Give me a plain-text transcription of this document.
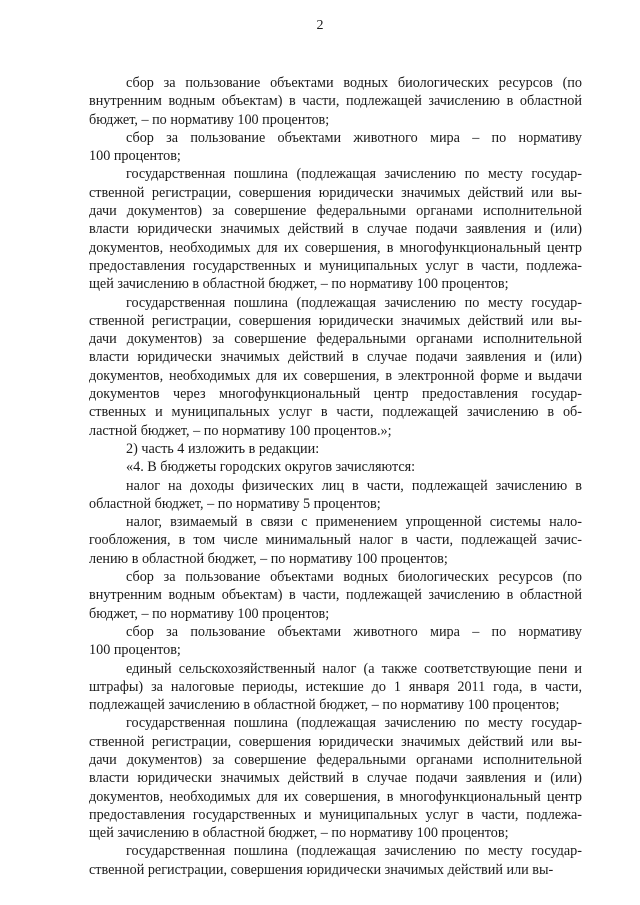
2
сбор за пользование объектами водных биологических ресурсов (по
внутренним водным объектам) в части, подлежащей зачислению в областной
бюджет, – по нормативу 100 процентов;
сбор за пользование объектами животного мира – по нормативу
100 процентов;
государственная пошлина (подлежащая зачислению по месту государ-
ственной регистрации, совершения юридически значимых действий или вы-
дачи документов) за совершение федеральными органами исполнительной
власти юридически значимых действий в случае подачи заявления и (или)
документов, необходимых для их совершения, в многофункциональный центр
предоставления государственных и муниципальных услуг в части, подлежа-
щей зачислению в областной бюджет, – по нормативу 100 процентов;
государственная пошлина (подлежащая зачислению по месту государ-
ственной регистрации, совершения юридически значимых действий или вы-
дачи документов) за совершение федеральными органами исполнительной
власти юридически значимых действий в случае подачи заявления и (или)
документов, необходимых для их совершения, в электронной форме и выдачи
документов через многофункциональный центр предоставления государ-
ственных и муниципальных услуг в части, подлежащей зачислению в об-
ластной бюджет, – по нормативу 100 процентов.»;
2) часть 4 изложить в редакции:
«4. В бюджеты городских округов зачисляются:
налог на доходы физических лиц в части, подлежащей зачислению в
областной бюджет, – по нормативу 5 процентов;
налог, взимаемый в связи с применением упрощенной системы нало-
гообложения, в том числе минимальный налог в части, подлежащей зачис-
лению в областной бюджет, – по нормативу 100 процентов;
сбор за пользование объектами водных биологических ресурсов (по
внутренним водным объектам) в части, подлежащей зачислению в областной
бюджет, – по нормативу 100 процентов;
сбор за пользование объектами животного мира – по нормативу
100 процентов;
единый сельскохозяйственный налог (а также соответствующие пени и
штрафы) за налоговые периоды, истекшие до 1 января 2011 года, в части,
подлежащей зачислению в областной бюджет, – по нормативу 100 процентов;
государственная пошлина (подлежащая зачислению по месту государ-
ственной регистрации, совершения юридически значимых действий или вы-
дачи документов) за совершение федеральными органами исполнительной
власти юридически значимых действий в случае подачи заявления и (или)
документов, необходимых для их совершения, в многофункциональный центр
предоставления государственных и муниципальных услуг в части, подлежа-
щей зачислению в областной бюджет, – по нормативу 100 процентов;
государственная пошлина (подлежащая зачислению по месту государ-
ственной регистрации, совершения юридически значимых действий или вы-
